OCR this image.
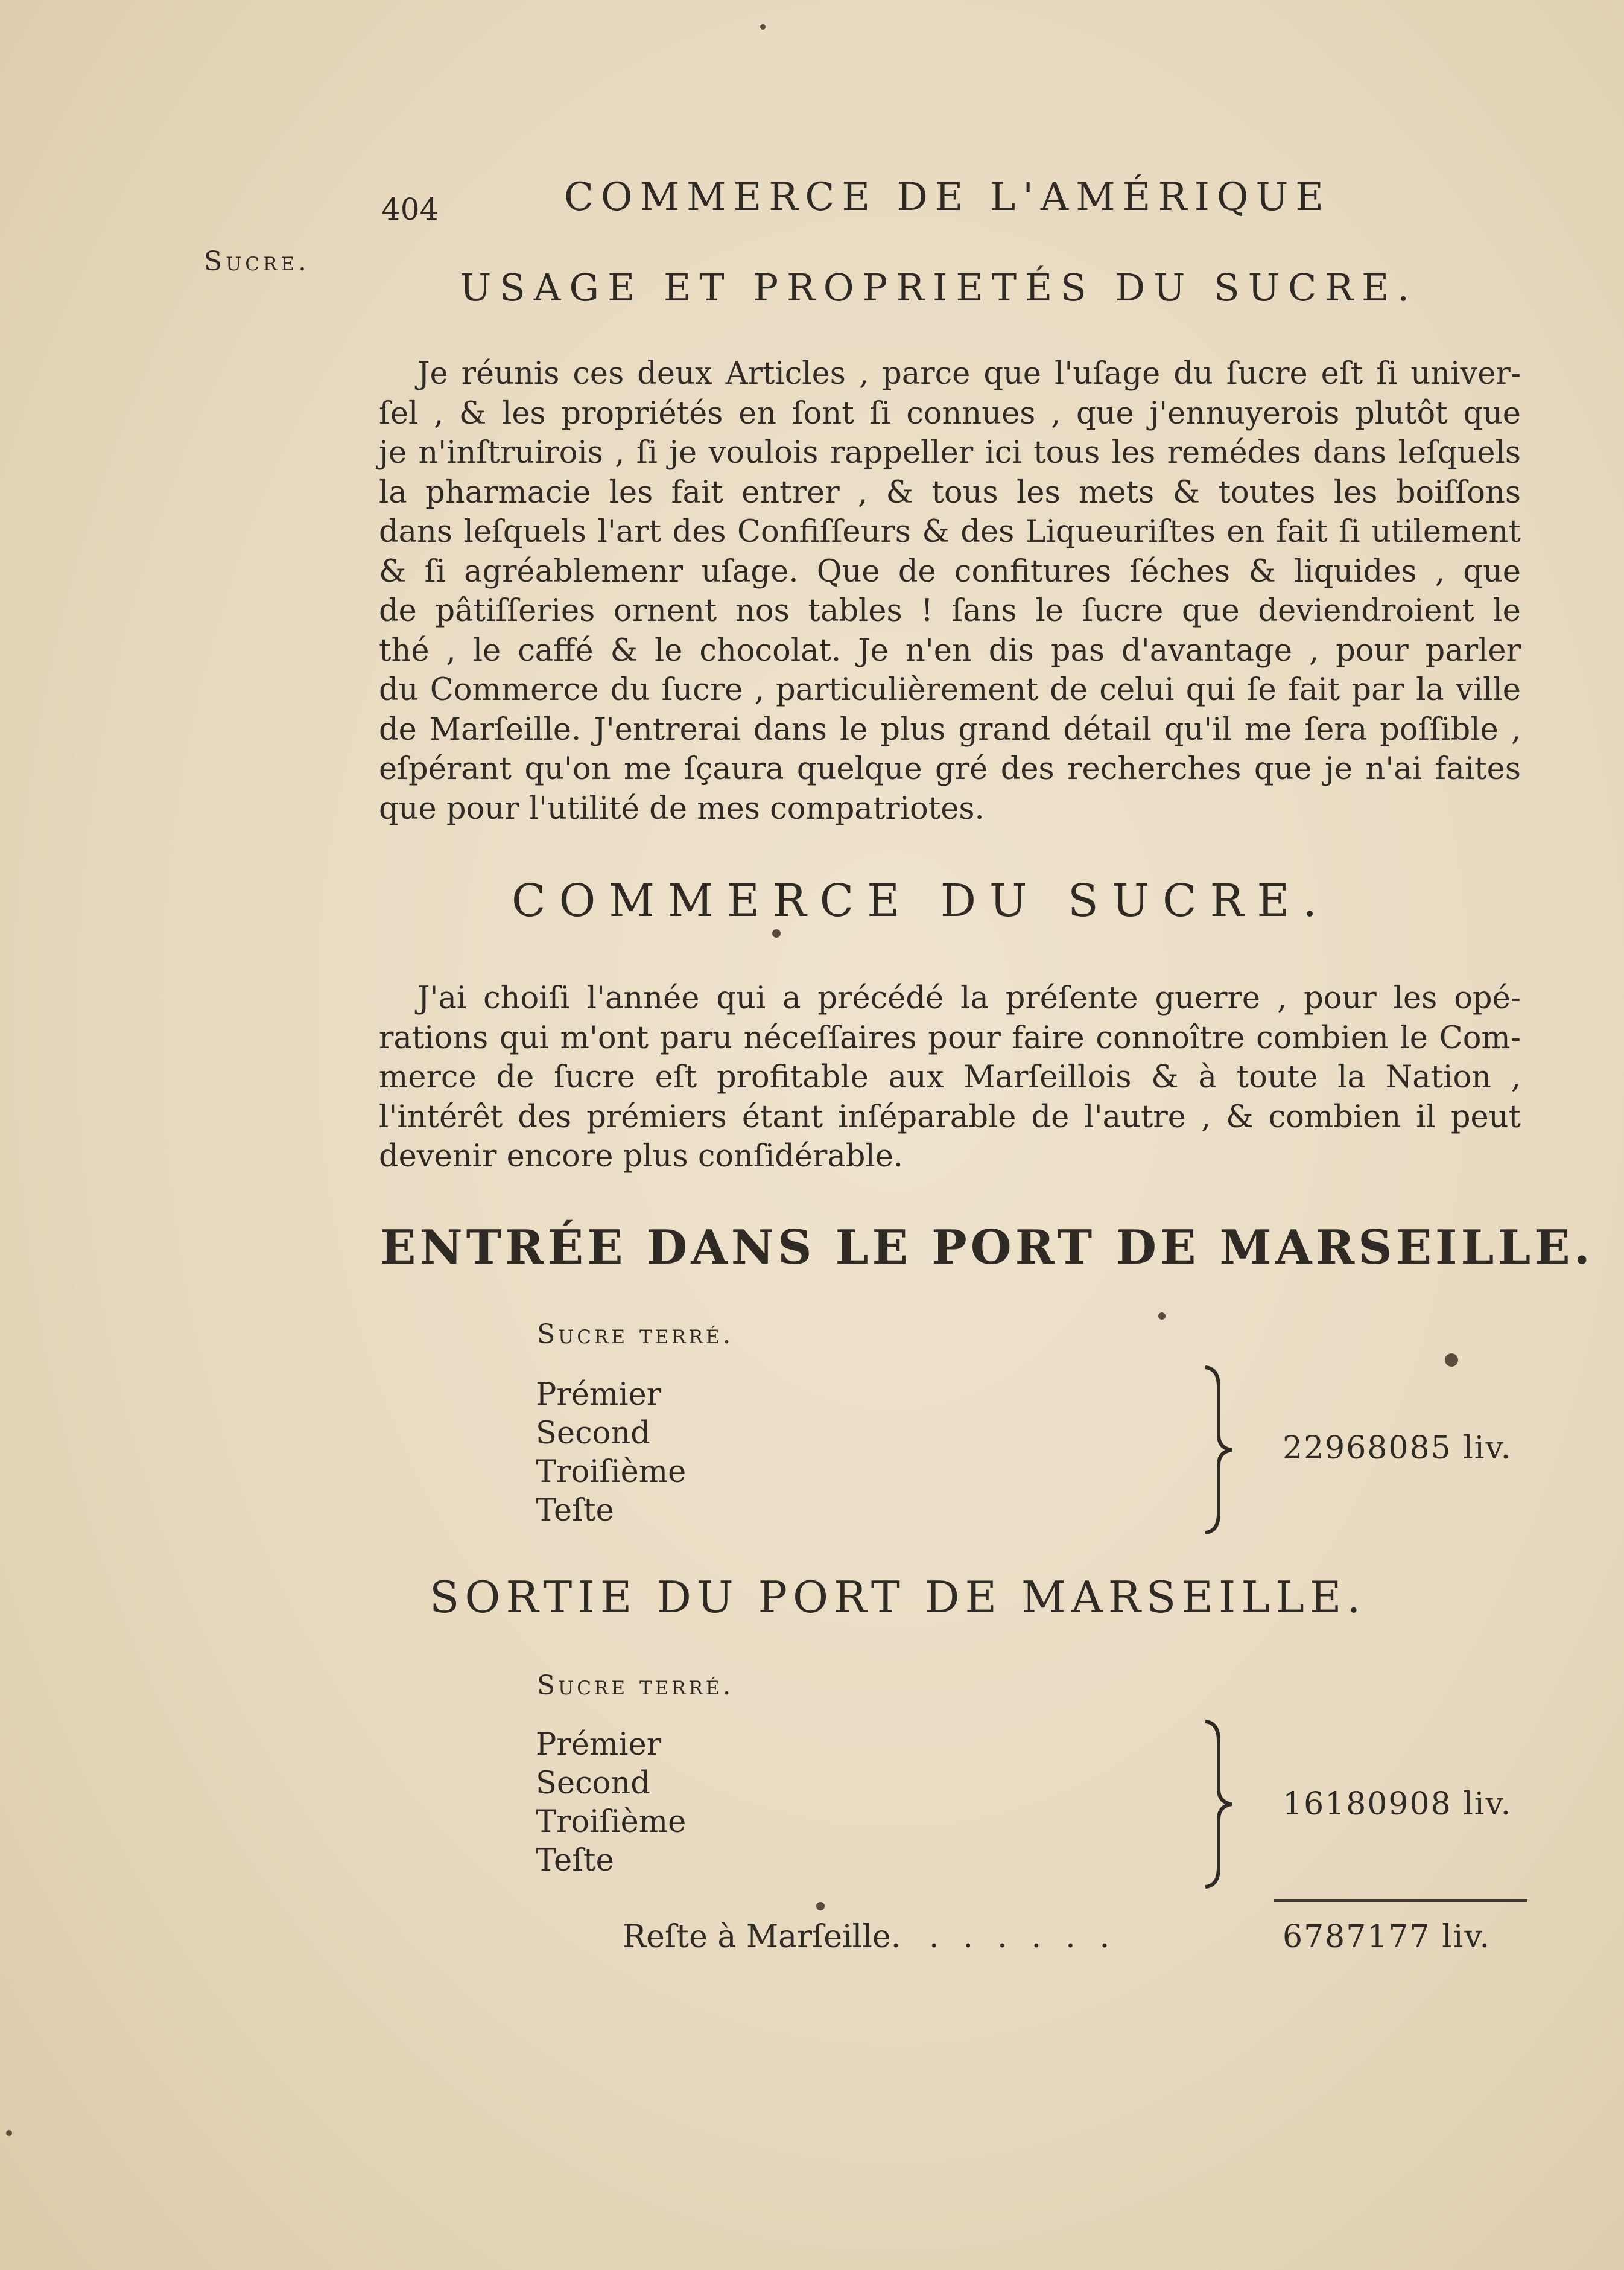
404	COMMERCE DE L'AMÉRIQUE
Sucre.
USAGE ET PROPRIETÉS DU SUCRE.

Je réunis ces deux Articles , parce que l'uſage du ſucre eſt ſi univer-

ſel , & les propriétés en ſont ſi connues , que j'ennuyerois plutôt que

je n'inſtruirois , ſi je voulois rappeller ici tous les remédes dans leſquels

la pharmacie les fait entrer , & tous les mets & toutes les boiſſons

dans leſquels l'art des Confiſſeurs & des Liqueuriſtes en fait ſi utilement

& ſi agréablemenr uſage. Que de confitures ſéches & liquides , que

de pâtiſſeries ornent nos tables ! ſans le ſucre que deviendroient le

thé , le caffé & le chocolat. Je n'en dis pas d'avantage , pour parler

du Commerce du ſucre , particulièrement de celui qui ſe fait par la ville

de Marſeille. J'entrerai dans le plus grand détail qu'il me ſera poſſible ,

eſpérant qu'on me ſçaura quelque gré des recherches que je n'ai faites

que pour l'utilité de mes compatriotes.

COMMERCE DU SUCRE.

J'ai choiſi l'année qui a précédé la préſente guerre , pour les opé-

rations qui m'ont paru néceſſaires pour faire connoître combien le Com-

merce de ſucre eſt profitable aux Marſeillois & à toute la Nation ,

l'intérêt des prémiers étant inſéparable de l'autre , & combien il peut

devenir encore plus conſidérable.

ENTRÉE DANS LE PORT DE MARSEILLE.
Sucre terré.
Prémier
Second
Troiſième
Teſte
22968085 liv.
SORTIE DU PORT DE MARSEILLE.
Sucre terré.
Prémier
Second
Troiſième
Teſte
16180908 liv.
Reſte à Marſeille. ......	6787177 liv.
